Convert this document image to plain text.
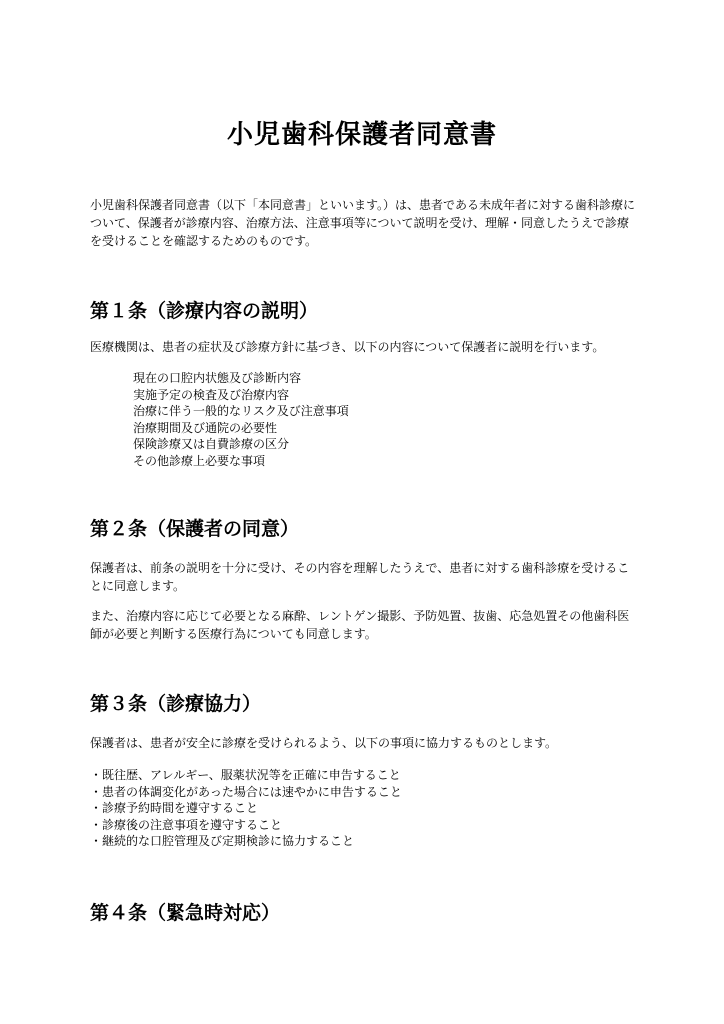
小児歯科保護者同意書

小児歯科保護者同意書（以下「本同意書」といいます。）は、患者である未成年者に対する歯科診療について、保護者が診療内容、治療方法、注意事項等について説明を受け、理解・同意したうえで診療を受けることを確認するためのものです。

第１条（診療内容の説明）

医療機関は、患者の症状及び診療方針に基づき、以下の内容について保護者に説明を行います。

現在の口腔内状態及び診断内容
実施予定の検査及び治療内容
治療に伴う一般的なリスク及び注意事項
治療期間及び通院の必要性
保険診療又は自費診療の区分
その他診療上必要な事項
第２条（保護者の同意）

保護者は、前条の説明を十分に受け、その内容を理解したうえで、患者に対する歯科診療を受けることに同意します。

また、治療内容に応じて必要となる麻酔、レントゲン撮影、予防処置、抜歯、応急処置その他歯科医師が必要と判断する医療行為についても同意します。

第３条（診療協力）

保護者は、患者が安全に診療を受けられるよう、以下の事項に協力するものとします。

・ 既往歴、アレルギー、服薬状況等を正確に申告すること
・ 患者の体調変化があった場合には速やかに申告すること
・ 診療予約時間を遵守すること
・ 診療後の注意事項を遵守すること
・ 継続的な口腔管理及び定期検診に協力すること
第４条（緊急時対応）
